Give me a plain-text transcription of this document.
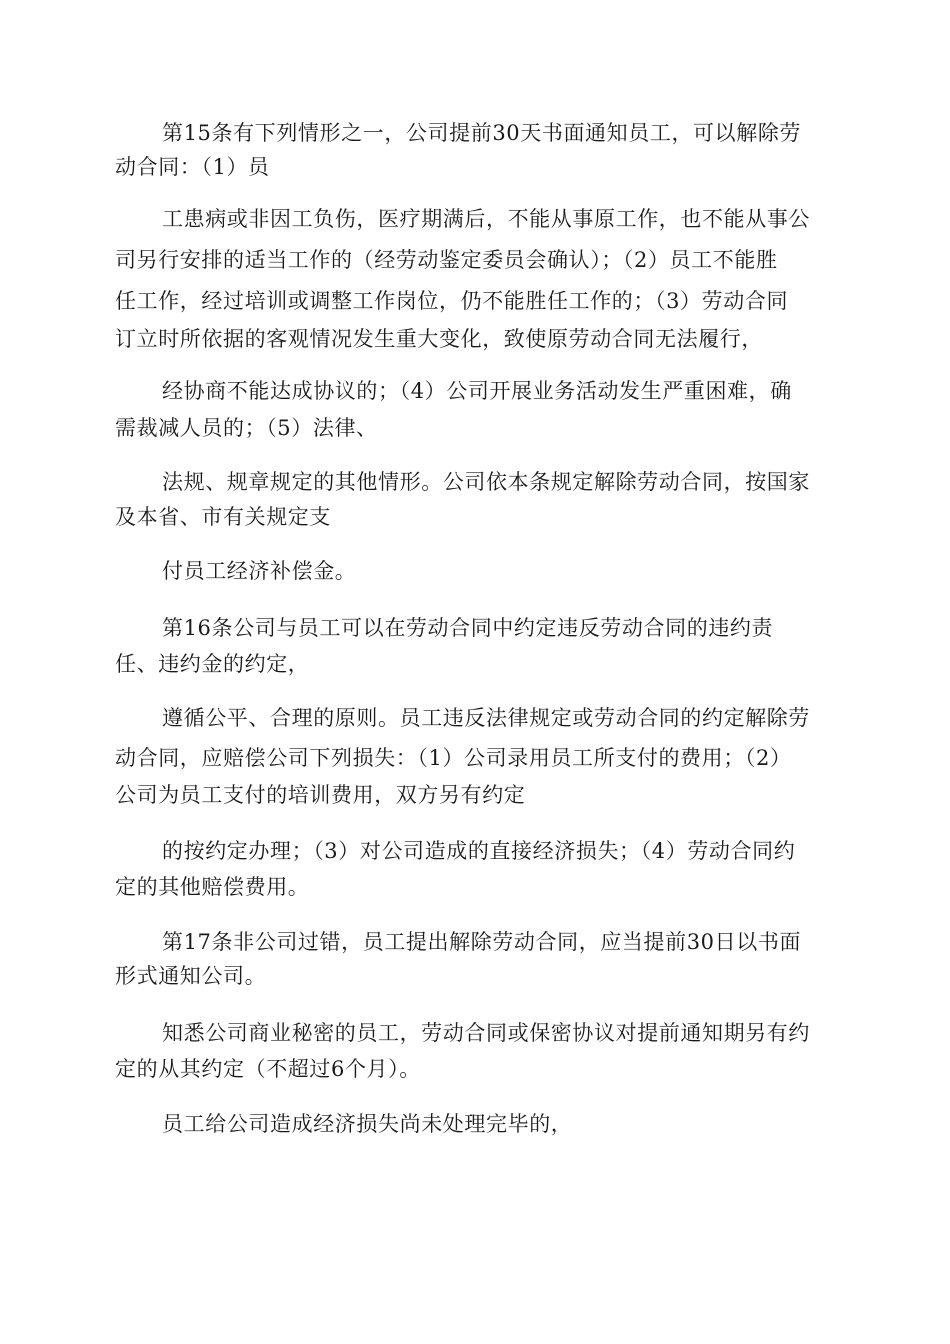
第15条有下列情形之一，公司提前30天书面通知员工，可以解除劳
动合同：（1）员
工患病或非因工负伤，医疗期满后，不能从事原工作，也不能从事公
司另行安排的适当工作的（经劳动鉴定委员会确认）；（2）员工不能胜
任工作，经过培训或调整工作岗位，仍不能胜任工作的；（3）劳动合同
订立时所依据的客观情况发生重大变化，致使原劳动合同无法履行，
经协商不能达成协议的；（4）公司开展业务活动发生严重困难，确
需裁减人员的；（5）法律、
法规、规章规定的其他情形。公司依本条规定解除劳动合同，按国家
及本省、市有关规定支
付员工经济补偿金。
第16条公司与员工可以在劳动合同中约定违反劳动合同的违约责
任、违约金的约定，
遵循公平、合理的原则。员工违反法律规定或劳动合同的约定解除劳
动合同，应赔偿公司下列损失：（1）公司录用员工所支付的费用；（2）
公司为员工支付的培训费用，双方另有约定
的按约定办理；（3）对公司造成的直接经济损失；（4）劳动合同约
定的其他赔偿费用。
第17条非公司过错，员工提出解除劳动合同，应当提前30日以书面
形式通知公司。
知悉公司商业秘密的员工，劳动合同或保密协议对提前通知期另有约
定的从其约定（不超过6个月）。
员工给公司造成经济损失尚未处理完毕的，
